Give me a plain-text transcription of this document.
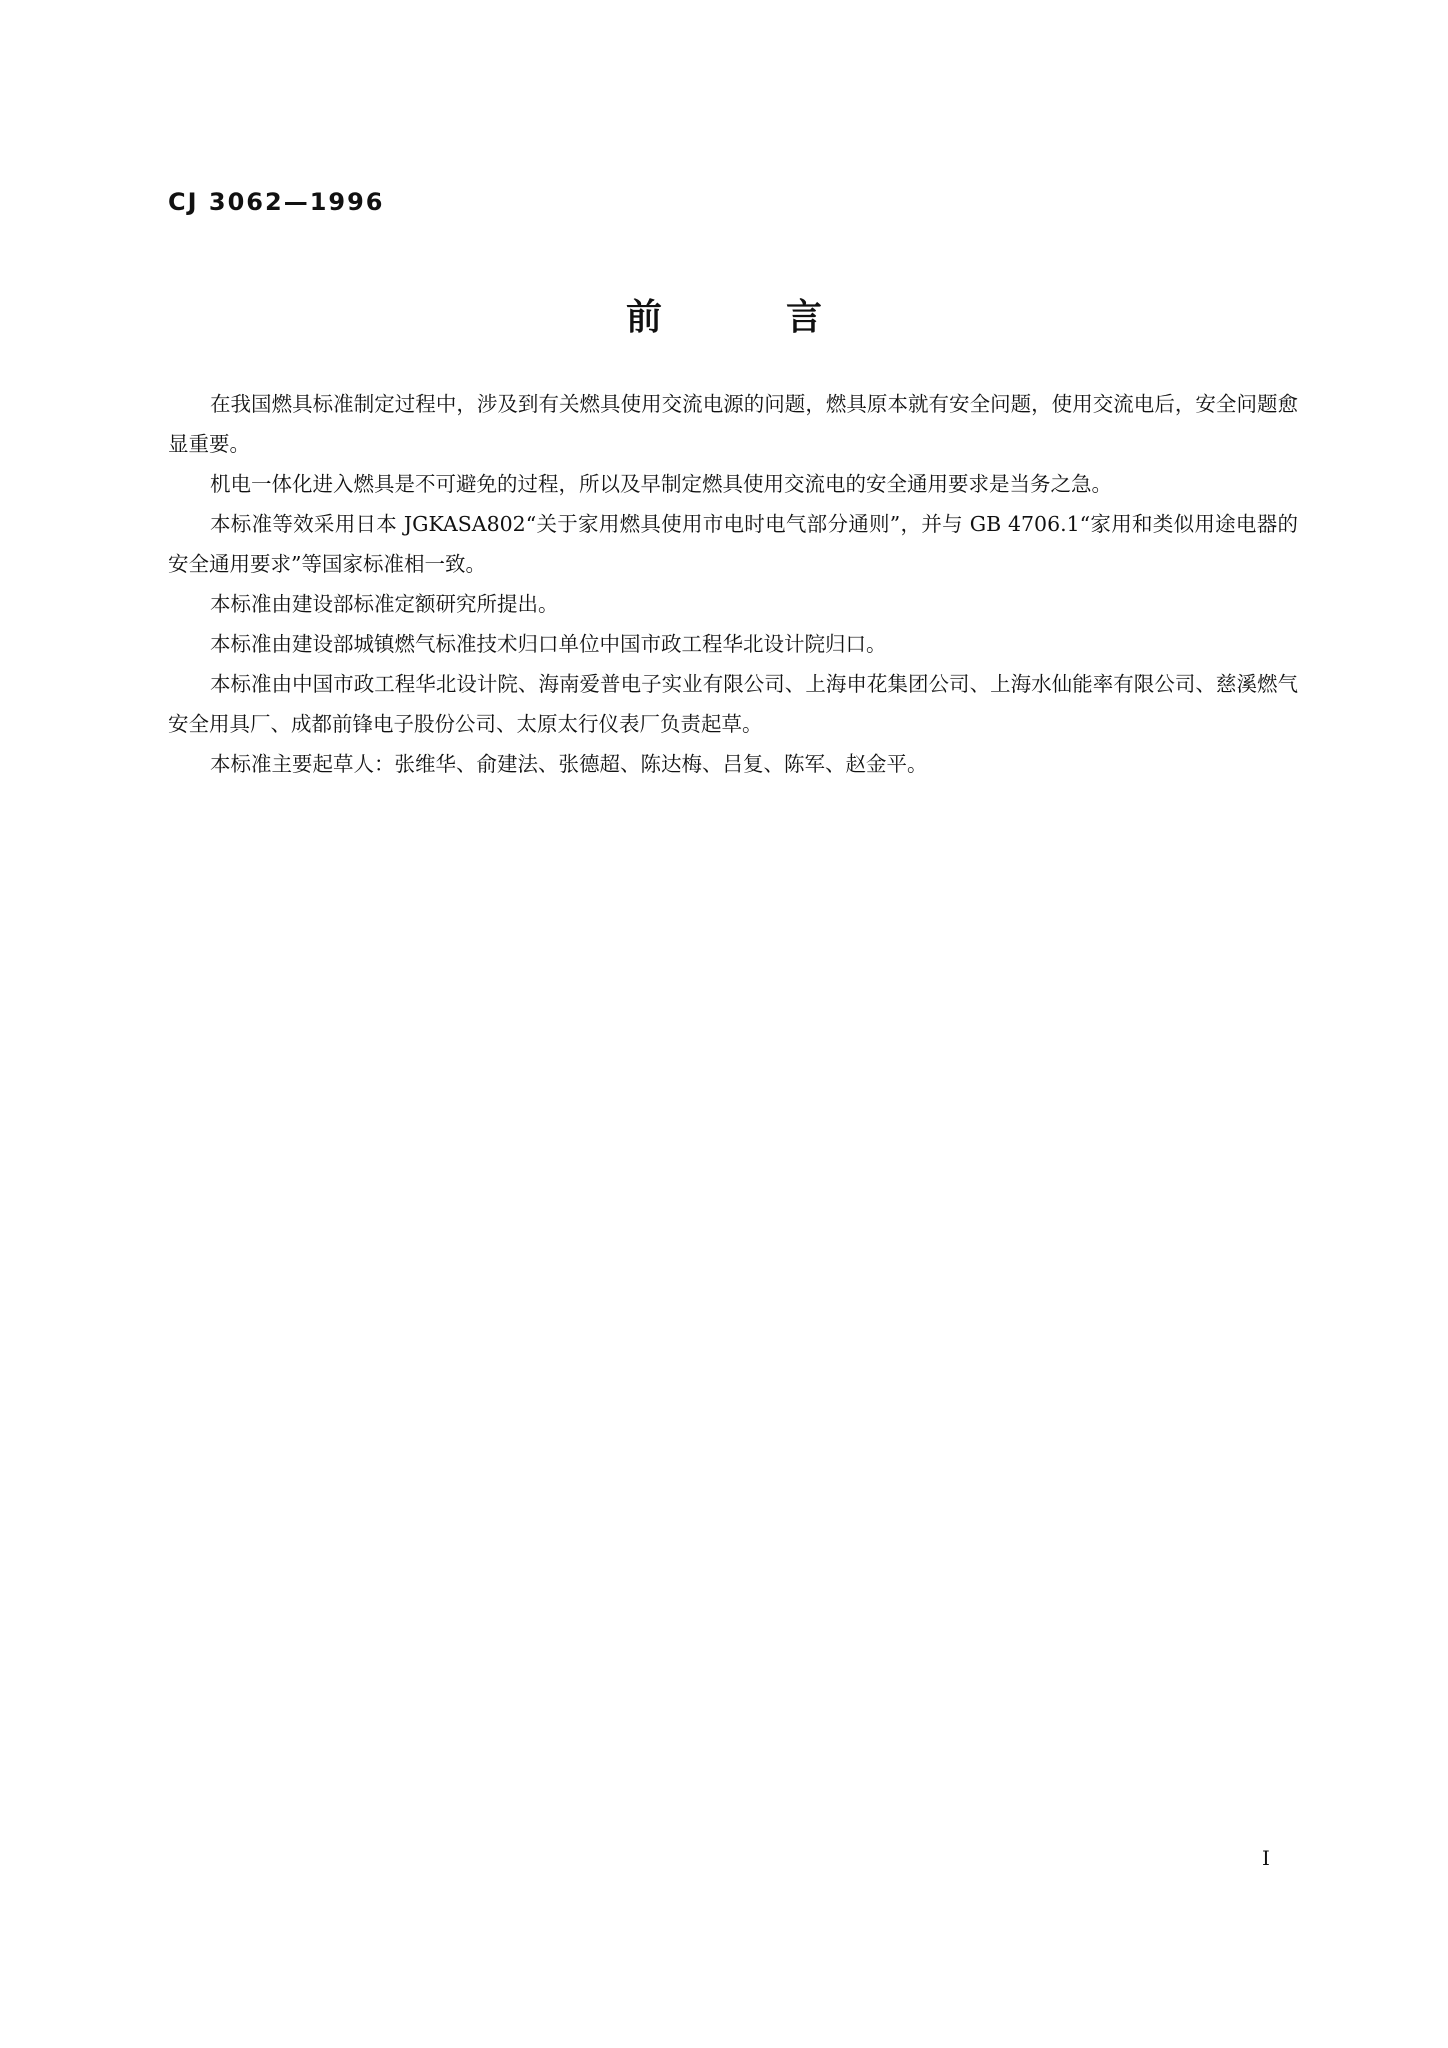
CJ 3062—1996
前	言

在我国燃具标准制定过程中，涉及到有关燃具使用交流电源的问题，燃具原本就有安全问题，使用交流电后，安全问题愈显重要。

机电一体化进入燃具是不可避免的过程，所以及早制定燃具使用交流电的安全通用要求是当务之急。

本标准等效采用日本 JGKASA802“关于家用燃具使用市电时电气部分通则”，并与 GB 4706.1“家用和类似用途电器的安全通用要求”等国家标准相一致。

本标准由建设部标准定额研究所提出。

本标准由建设部城镇燃气标准技术归口单位中国市政工程华北设计院归口。

本标准由中国市政工程华北设计院、海南爱普电子实业有限公司、上海申花集团公司、上海水仙能率有限公司、慈溪燃气安全用具厂、成都前锋电子股份公司、太原太行仪表厂负责起草。

本标准主要起草人：张维华、俞建法、张德超、陈达梅、吕复、陈军、赵金平。

I
